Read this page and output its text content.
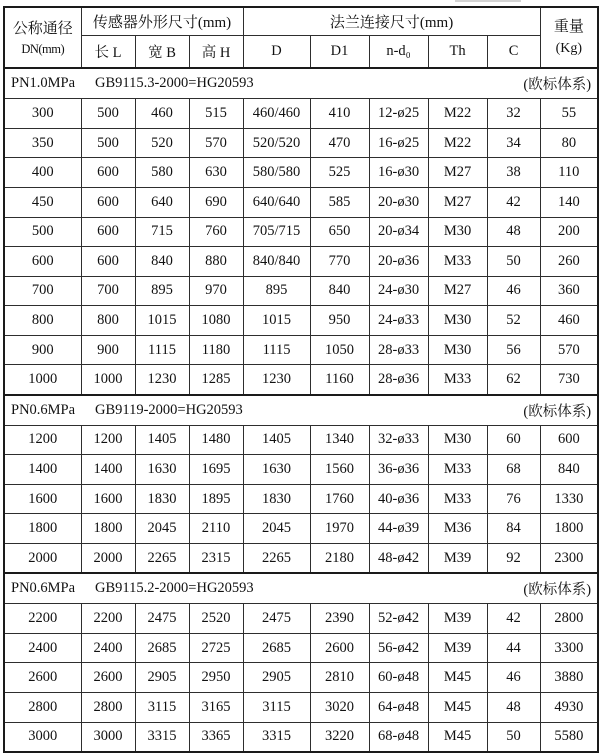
公称通径
DN(mm)
	传感器外形尺寸(mm)	法兰连接尺寸(mm)	重量
(Kg)

	长 L	宽 B	高 H	D	D1	n-d₀	Th	C	

PN1.0MPa GB9115.3-2000=HG20593 (欧标体系)									

300	500	460	515	460/460	410	12-ø25	M22	32	55
350	500	520	570	520/520	470	16-ø25	M22	34	80
400	600	580	630	580/580	525	16-ø30	M27	38	110
450	600	640	690	640/640	585	20-ø30	M27	42	140
500	600	715	760	705/715	650	20-ø34	M30	48	200
600	600	840	880	840/840	770	20-ø36	M33	50	260
700	700	895	970	895	840	24-ø30	M27	46	360
800	800	1015	1080	1015	950	24-ø33	M30	52	460
900	900	1115	1180	1115	1050	28-ø33	M30	56	570
1000	1000	1230	1285	1230	1160	28-ø36	M33	62	730

PN0.6MPa GB9119-2000=HG20593 (欧标体系)									

1200	1200	1405	1480	1405	1340	32-ø33	M30	60	600
1400	1400	1630	1695	1630	1560	36-ø36	M33	68	840
1600	1600	1830	1895	1830	1760	40-ø36	M33	76	1330
1800	1800	2045	2110	2045	1970	44-ø39	M36	84	1800
2000	2000	2265	2315	2265	2180	48-ø42	M39	92	2300

PN0.6MPa GB9115.2-2000=HG20593 (欧标体系)									

2200	2200	2475	2520	2475	2390	52-ø42	M39	42	2800
2400	2400	2685	2725	2685	2600	56-ø42	M39	44	3300
2600	2600	2905	2950	2905	2810	60-ø48	M45	46	3880
2800	2800	3115	3165	3115	3020	64-ø48	M45	48	4930
3000	3000	3315	3365	3315	3220	68-ø48	M45	50	5580
